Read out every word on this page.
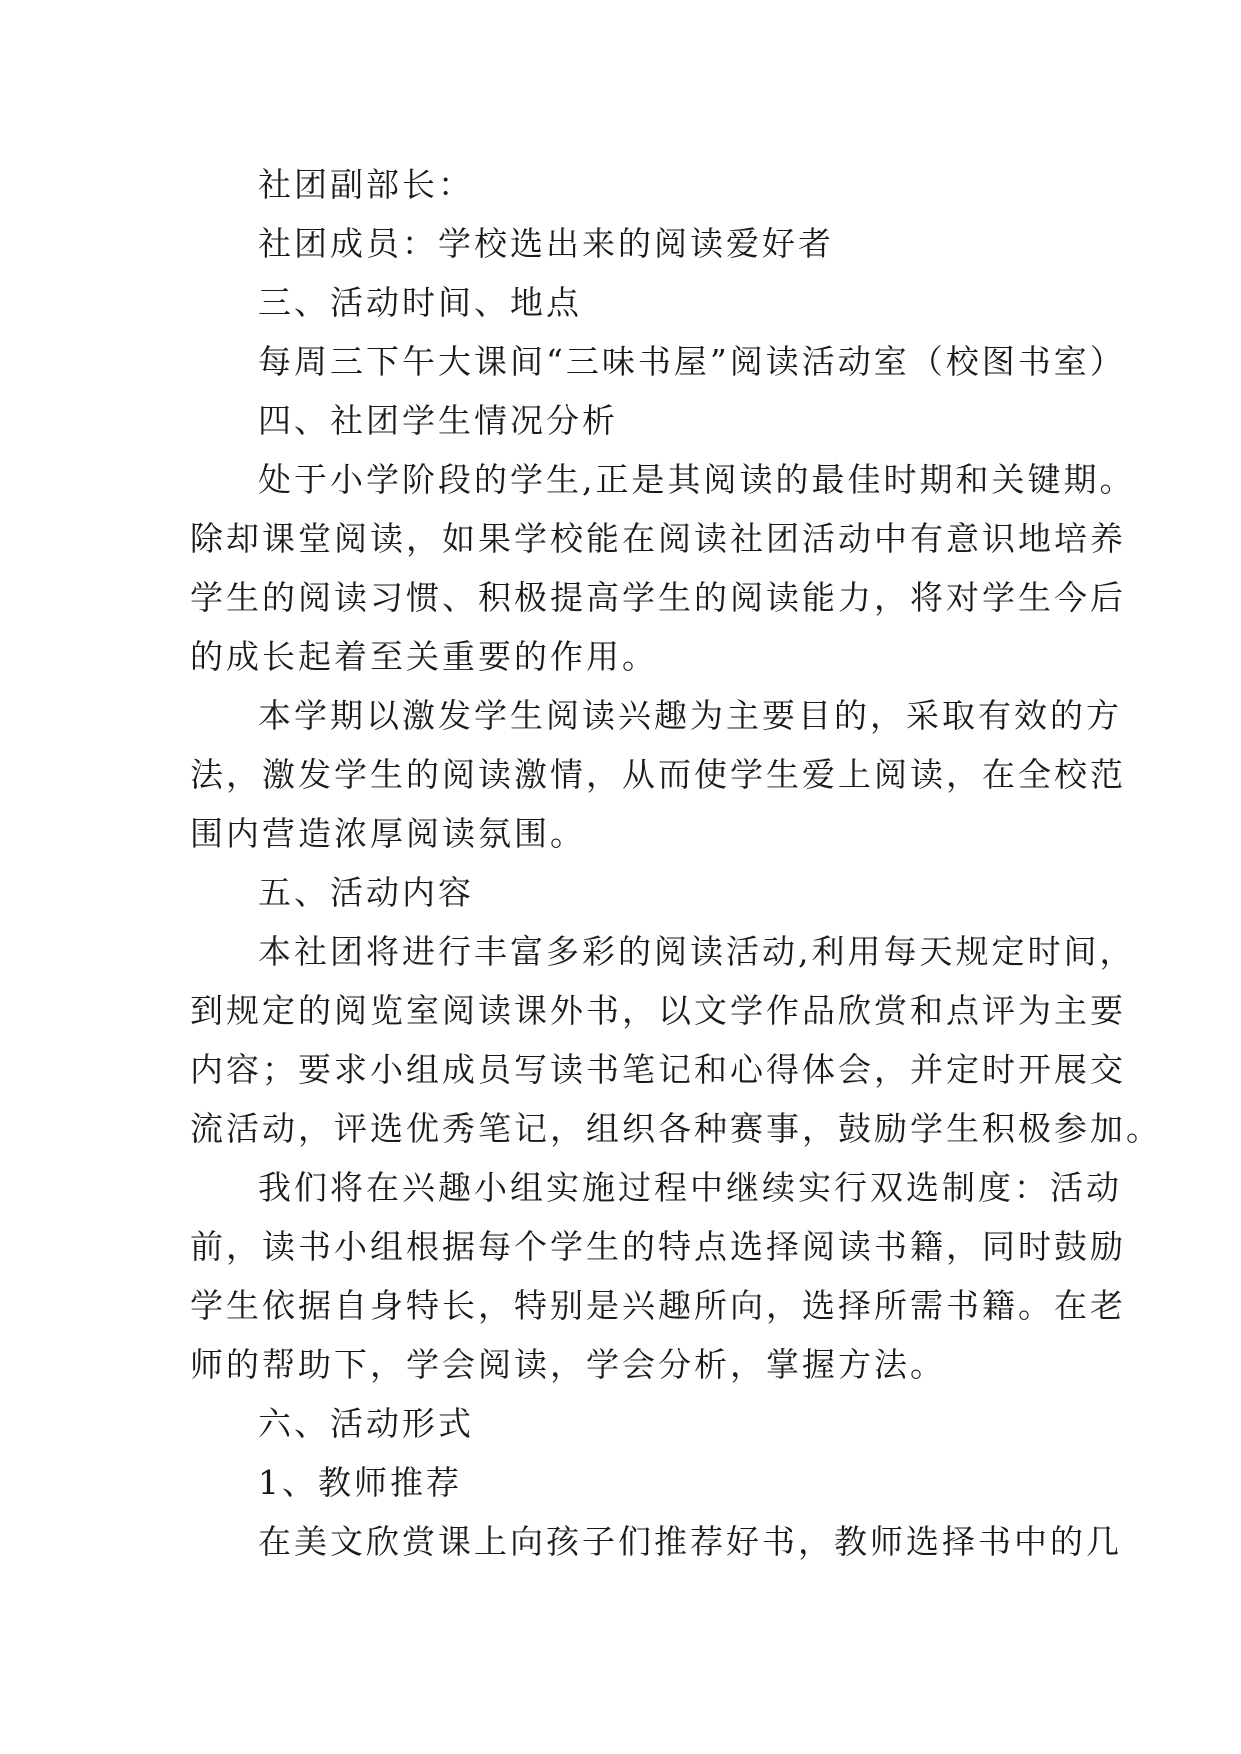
社团副部长：
社团成员：学校选出来的阅读爱好者
三、活动时间、地点
每周三下午大课间“三味书屋”阅读活动室（校图书室）
四、社团学生情况分析
处于小学阶段的学生,正是其阅读的最佳时期和关键期。
除却课堂阅读，如果学校能在阅读社团活动中有意识地培养
学生的阅读习惯、积极提高学生的阅读能力，将对学生今后
的成长起着至关重要的作用。
本学期以激发学生阅读兴趣为主要目的，采取有效的方
法，激发学生的阅读激情，从而使学生爱上阅读，在全校范
围内营造浓厚阅读氛围。
五、活动内容
本社团将进行丰富多彩的阅读活动,利用每天规定时间，
到规定的阅览室阅读课外书，以文学作品欣赏和点评为主要
内容；要求小组成员写读书笔记和心得体会，并定时开展交
流活动，评选优秀笔记，组织各种赛事，鼓励学生积极参加。
我们将在兴趣小组实施过程中继续实行双选制度：活动
前，读书小组根据每个学生的特点选择阅读书籍，同时鼓励
学生依据自身特长，特别是兴趣所向，选择所需书籍。在老
师的帮助下，学会阅读，学会分析，掌握方法。
六、活动形式
1、教师推荐
在美文欣赏课上向孩子们推荐好书，教师选择书中的几
